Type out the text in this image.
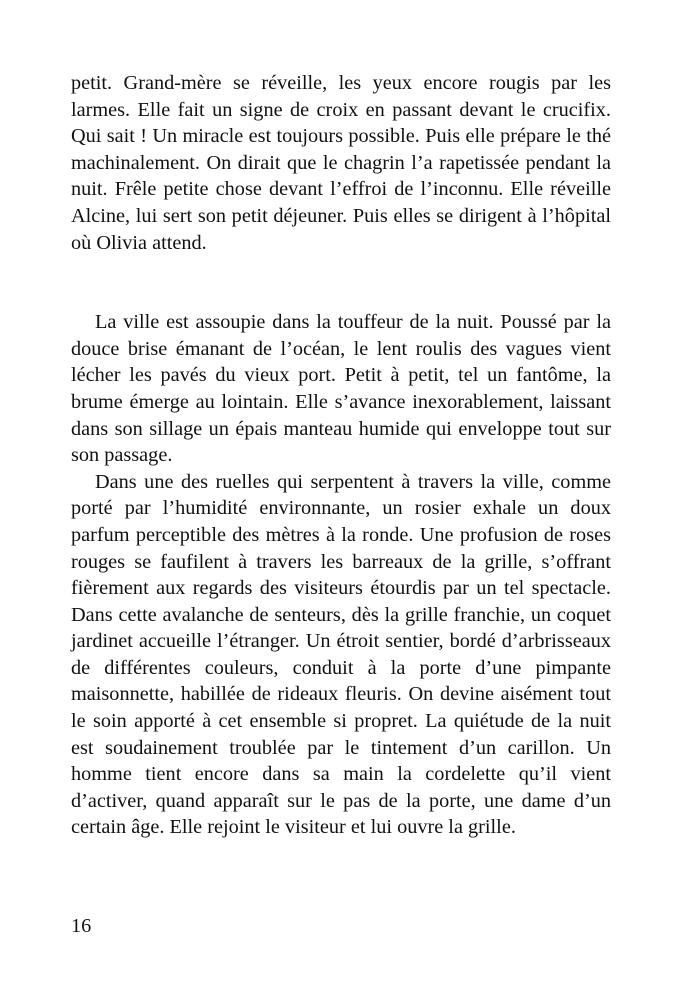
petit. Grand-mère se réveille, les yeux encore rougis par les larmes. Elle fait un signe de croix en passant devant le crucifix. Qui sait ! Un miracle est toujours possible. Puis elle prépare le thé machinalement. On dirait que le chagrin l’a rapetissée pendant la nuit. Frêle petite chose devant l’effroi de l’inconnu. Elle réveille Alcine, lui sert son petit déjeuner. Puis elles se dirigent à l’hôpital où Olivia attend.

La ville est assoupie dans la touffeur de la nuit. Poussé par la douce brise émanant de l’océan, le lent roulis des vagues vient lécher les pavés du vieux port. Petit à petit, tel un fantôme, la brume émerge au lointain. Elle s’avance inexorablement, laissant dans son sillage un épais manteau humide qui enveloppe tout sur son passage.

Dans une des ruelles qui serpentent à travers la ville, comme porté par l’humidité environnante, un rosier exhale un doux parfum perceptible des mètres à la ronde. Une profusion de roses rouges se faufilent à travers les barreaux de la grille, s’offrant fièrement aux regards des visiteurs étourdis par un tel spectacle. Dans cette avalanche de senteurs, dès la grille franchie, un coquet jardinet accueille l’étranger. Un étroit sentier, bordé d’arbrisseaux de différentes couleurs, conduit à la porte d’une pimpante maisonnette, habillée de rideaux fleuris. On devine aisément tout le soin apporté à cet ensemble si propret. La quiétude de la nuit est soudainement troublée par le tintement d’un carillon. Un homme tient encore dans sa main la cordelette qu’il vient d’activer, quand apparaît sur le pas de la porte, une dame d’un certain âge. Elle rejoint le visiteur et lui ouvre la grille.

16
